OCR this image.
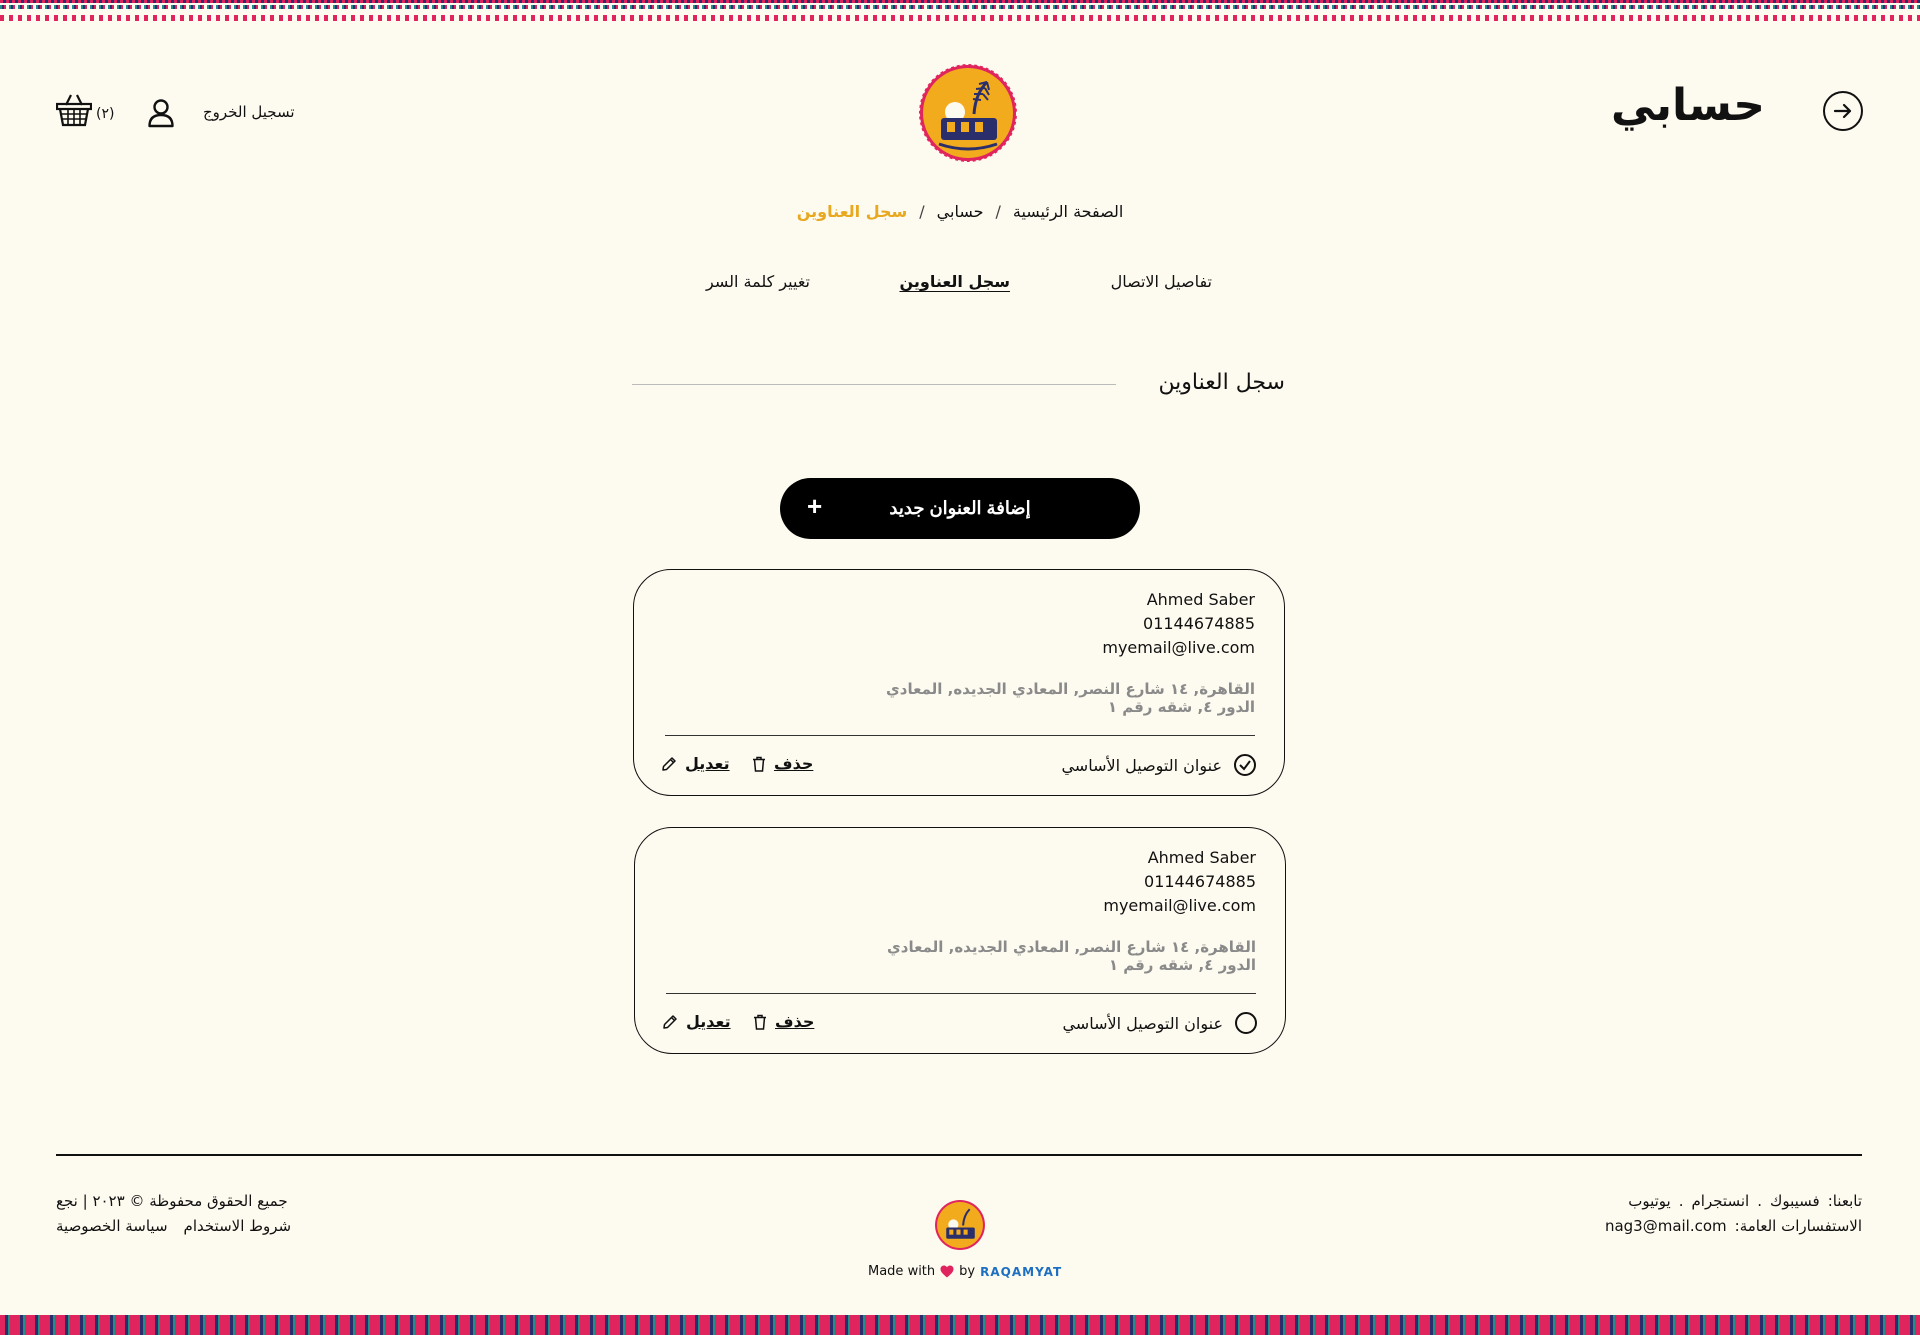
حسابي
تسجيل الخروج
(٢)
الصفحة الرئيسية
/
حسابي
/
سجل العناوين
تفاصيل الاتصال
سجل العناوين
تغيير كلمة السر
سجل العناوين
+	إضافة العنوان جديد
Ahmed Saber
01144674885
myemail@live.com
القاهرة, ١٤ شارع النصر, المعادي الجديده, المعادي
الدور ٤, شقه رقم ١
عنوان التوصيل الأساسي
حذف
تعديل
Ahmed Saber
01144674885
myemail@live.com
القاهرة, ١٤ شارع النصر, المعادي الجديده, المعادي
الدور ٤, شقه رقم ١
عنوان التوصيل الأساسي
حذف
تعديل
تابعنا:
فسيبوك
.
انستجرام
.
يوتيوب
الاستفسارات العامة:
nag3@mail.com
Made with by RAQAMYAT
جميع الحقوق محفوظة © ٢٠٢٣ | نجع
شروط الاستخدام
سياسة الخصوصية
